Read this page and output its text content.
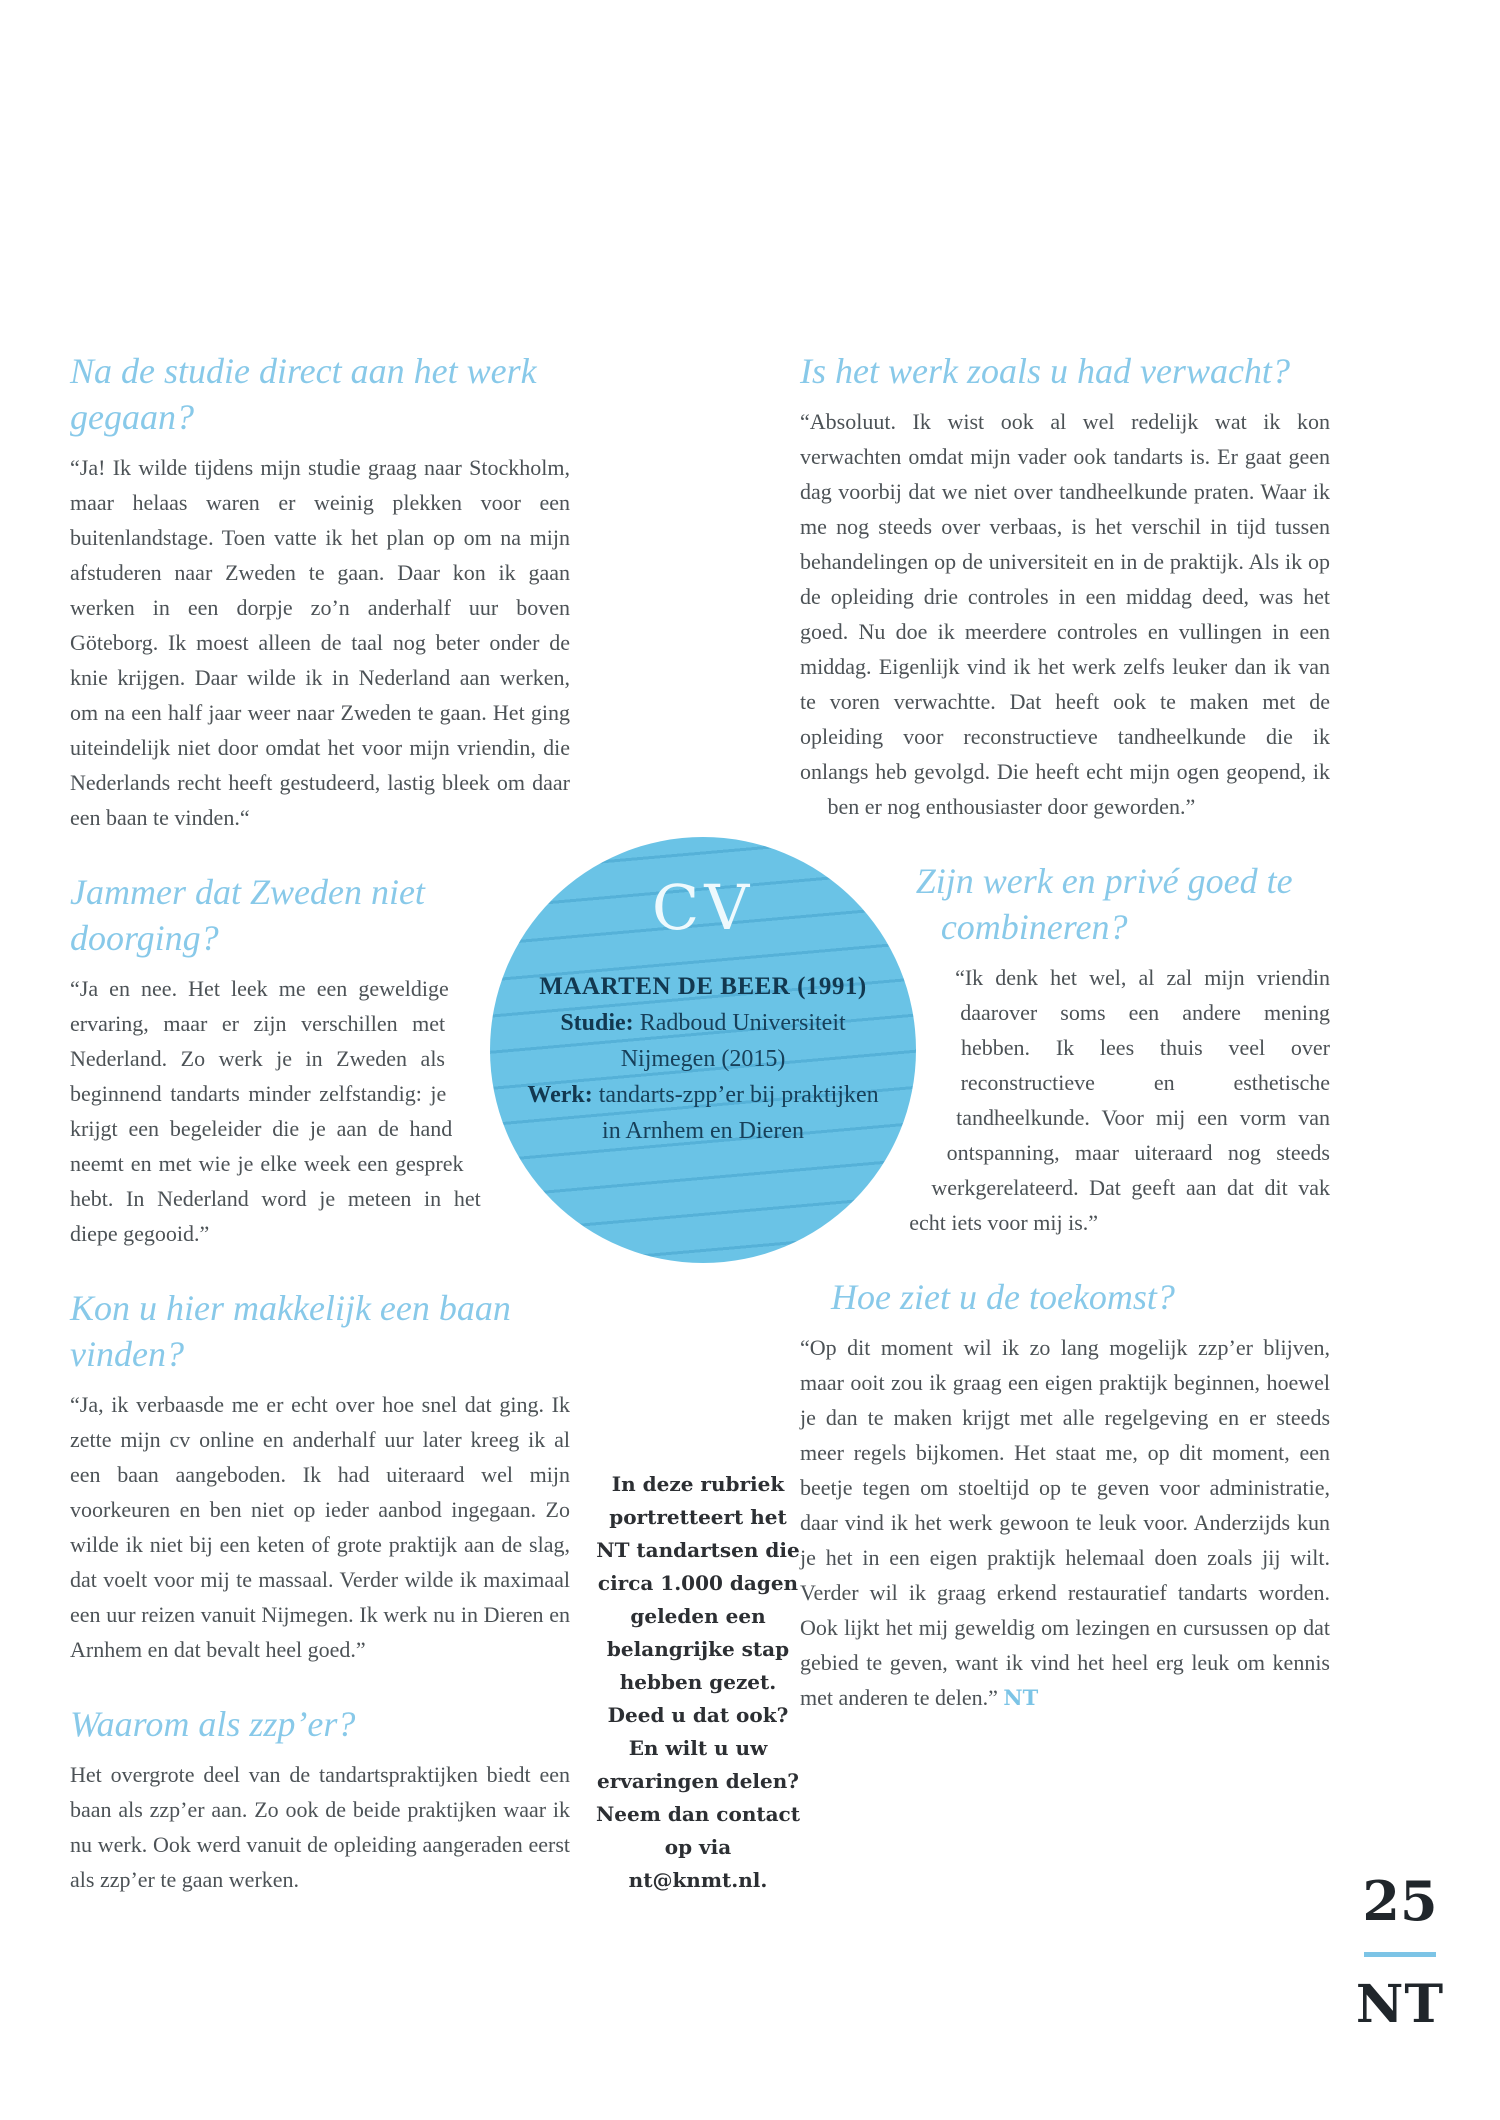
Na de studie direct aan het werk gegaan?

“Ja! Ik wilde tijdens mijn studie graag naar Stockholm, maar helaas waren er weinig plekken voor een buitenlandstage. Toen vatte ik het plan op om na mijn afstuderen naar Zweden te gaan. Daar kon ik gaan werken in een dorpje zo’n anderhalf uur boven Göteborg. Ik moest alleen de taal nog beter onder de knie krijgen. Daar wilde ik in Nederland aan werken, om na een half jaar weer naar Zweden te gaan. Het ging uiteindelijk niet door omdat het voor mijn vriendin, die Nederlands recht heeft gestudeerd, lastig bleek om daar een baan te vinden.“

Jammer dat Zweden niet doorging?

“Ja en nee. Het leek me een geweldige ervaring, maar er zijn verschillen met Nederland. Zo werk je in Zweden als beginnend tandarts minder zelfstandig: je krijgt een begeleider die je aan de hand neemt en met wie je elke week een gesprek hebt. In Nederland word je meteen in het diepe gegooid.”

Kon u hier makkelijk een baan vinden?

“Ja, ik verbaasde me er echt over hoe snel dat ging. Ik zette mijn cv online en anderhalf uur later kreeg ik al een baan aangeboden. Ik had uiteraard wel mijn voorkeuren en ben niet op ieder aanbod ingegaan. Zo wilde ik niet bij een keten of grote praktijk aan de slag, dat voelt voor mij te massaal. Verder wilde ik maximaal een uur reizen vanuit Nijmegen. Ik werk nu in Dieren en Arnhem en dat bevalt heel goed.”

Waarom als zzp’er?

Het overgrote deel van de tandartspraktijken biedt een baan als zzp’er aan. Zo ook de beide praktijken waar ik nu werk. Ook werd vanuit de opleiding aangeraden eerst als zzp’er te gaan werken.

Is het werk zoals u had verwacht?

“Absoluut. Ik wist ook al wel redelijk wat ik kon verwachten omdat mijn vader ook tandarts is. Er gaat geen dag voorbij dat we niet over tandheelkunde praten. Waar ik me nog steeds over verbaas, is het verschil in tijd tussen behandelingen op de universiteit en in de praktijk. Als ik op de opleiding drie controles in een middag deed, was het goed. Nu doe ik meerdere controles en vullingen in een middag. Eigenlijk vind ik het werk zelfs leuker dan ik van te voren verwachtte. Dat heeft ook te maken met de opleiding voor reconstructieve tandheelkunde die ik onlangs heb gevolgd. Die heeft echt mijn ogen geopend, ik ben er nog enthousiaster door geworden.”

Zijn werk en privé goed te combineren?

“Ik denk het wel, al zal mijn vriendin daarover soms een andere mening hebben. Ik lees thuis veel over reconstructieve en esthetische tandheelkunde. Voor mij een vorm van ontspanning, maar uiteraard nog steeds werkgerelateerd. Dat geeft aan dat dit vak echt iets voor mij is.”

Hoe ziet u de toekomst?

“Op dit moment wil ik zo lang mogelijk zzp’er blijven, maar ooit zou ik graag een eigen praktijk beginnen, hoewel je dan te maken krijgt met alle regelgeving en er steeds meer regels bijkomen. Het staat me, op dit moment, een beetje tegen om stoeltijd op te geven voor administratie, daar vind ik het werk gewoon te leuk voor. Anderzijds kun je het in een eigen praktijk helemaal doen zoals jij wilt. Verder wil ik graag erkend restauratief tandarts worden. Ook lijkt het mij geweldig om lezingen en cursussen op dat gebied te geven, want ik vind het heel erg leuk om kennis met anderen te delen.” NT

CV
MAARTEN DE BEER (1991)
Studie: Radboud Universiteit Nijmegen (2015)
Werk: tandarts-zpp’er bij praktijken in Arnhem en Dieren
In deze rubriek portretteert het NT tandartsen die circa 1.000 dagen geleden een belangrijke stap hebben gezet. Deed u dat ook? En wilt u uw ervaringen delen? Neem dan contact op via nt@knmt.nl.	25
NT
